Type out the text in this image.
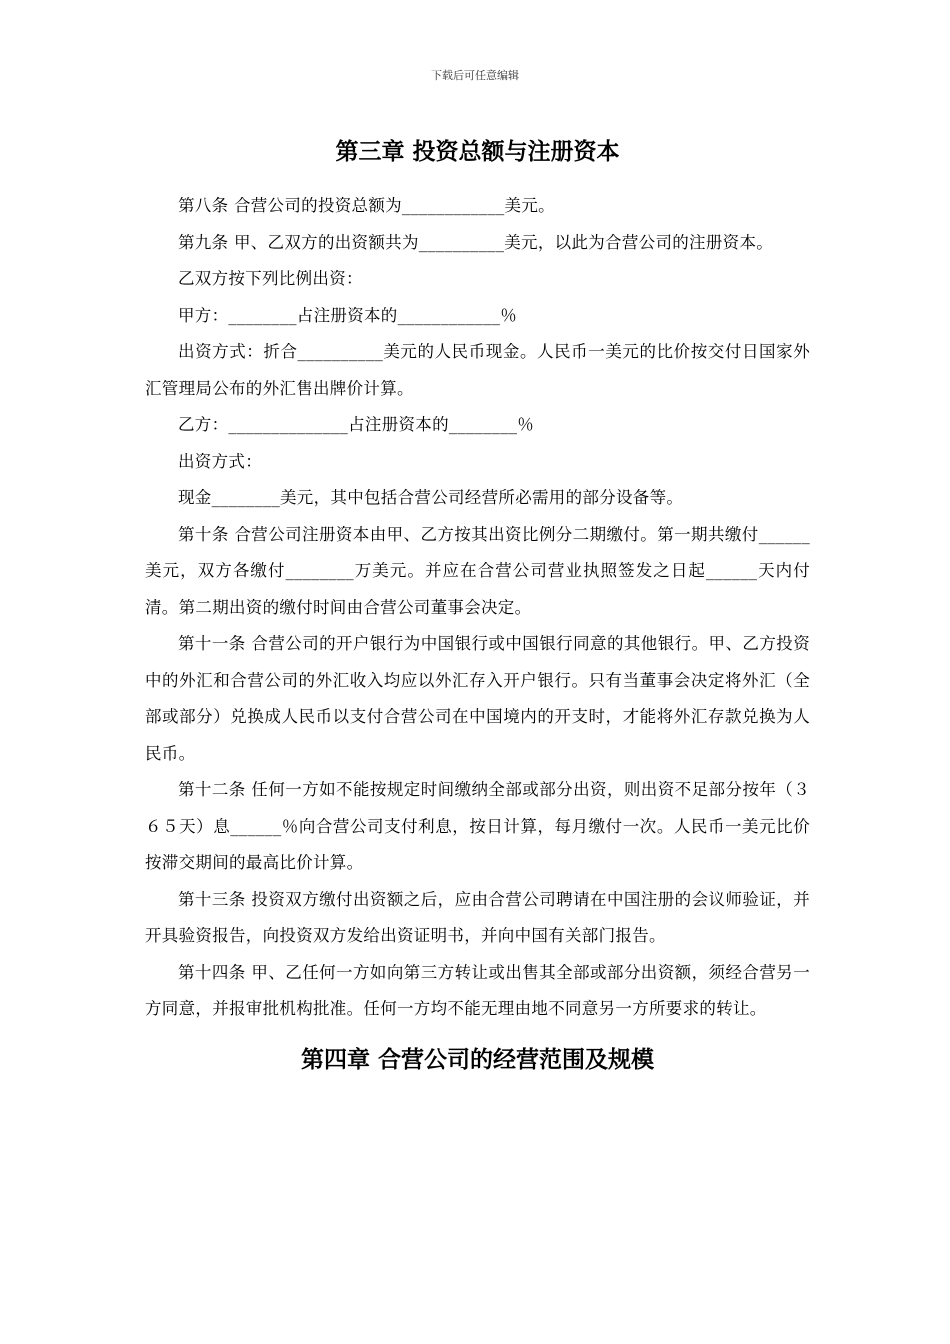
下载后可任意编辑
第三章 投资总额与注册资本

第八条 合营公司的投资总额为____________美元。

第九条 甲、乙双方的出资额共为__________美元，以此为合营公司的注册资本。

乙双方按下列比例出资：

甲方：________占注册资本的____________％

出资方式：折合__________美元的人民币现金。人民币一美元的比价按交付日国家外汇管理局公布的外汇售出牌价计算。

乙方：______________占注册资本的________％

出资方式：

现金________美元，其中包括合营公司经营所必需用的部分设备等。

第十条 合营公司注册资本由甲、乙方按其出资比例分二期缴付。第一期共缴付______美元，双方各缴付________万美元。并应在合营公司营业执照签发之日起______天内付清。第二期出资的缴付时间由合营公司董事会决定。

第十一条 合营公司的开户银行为中国银行或中国银行同意的其他银行。甲、乙方投资中的外汇和合营公司的外汇收入均应以外汇存入开户银行。只有当董事会决定将外汇（全部或部分）兑换成人民币以支付合营公司在中国境内的开支时，才能将外汇存款兑换为人民币。

第十二条 任何一方如不能按规定时间缴纳全部或部分出资，则出资不足部分按年（３６５天）息______％向合营公司支付利息，按日计算，每月缴付一次。人民币一美元比价按滞交期间的最高比价计算。

第十三条 投资双方缴付出资额之后，应由合营公司聘请在中国注册的会议师验证，并开具验资报告，向投资双方发给出资证明书，并向中国有关部门报告。

第十四条 甲、乙任何一方如向第三方转让或出售其全部或部分出资额，须经合营另一方同意，并报审批机构批准。任何一方均不能无理由地不同意另一方所要求的转让。

第四章 合营公司的经营范围及规模
